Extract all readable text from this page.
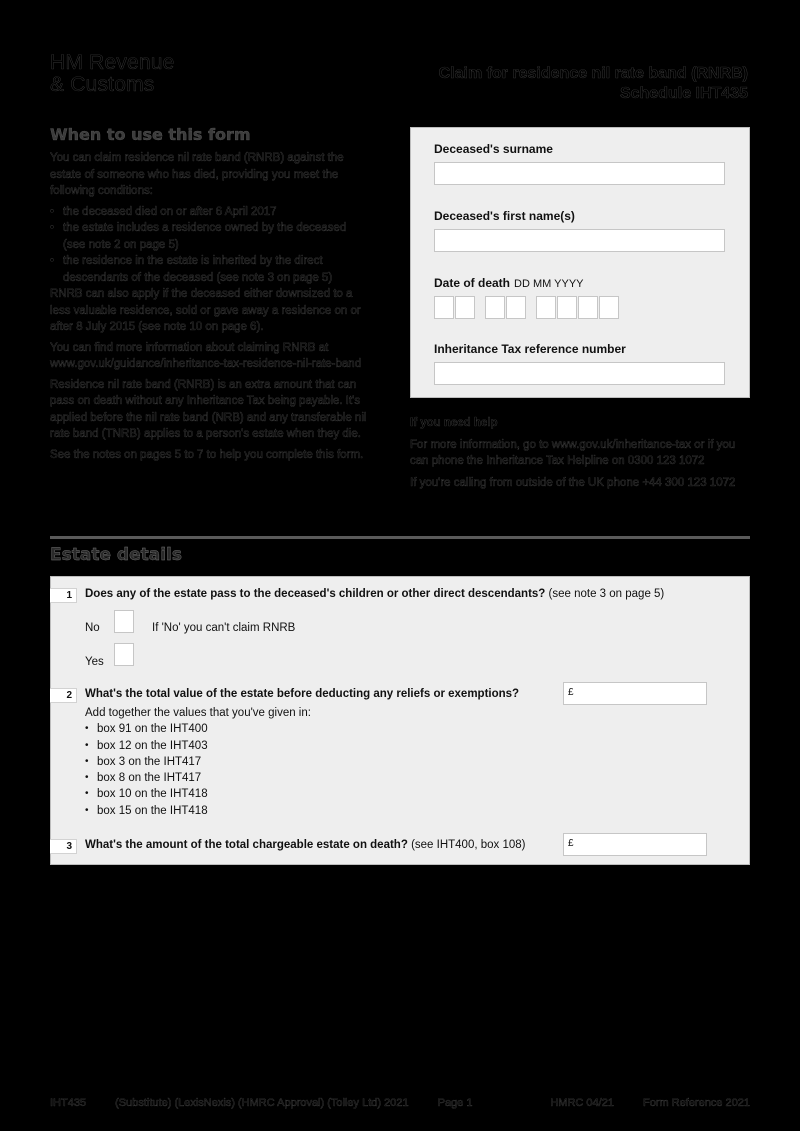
HM Revenue
& Customs	Claim for residence nil rate band (RNRB)
Schedule IHT435
When to use this form

You can claim residence nil rate band (RNRB) against the estate of someone who has died, providing you meet the following conditions:

• the deceased died on or after 6 April 2017
• the estate includes a residence owned by the deceased (see note 2 on page 5)
• the residence in the estate is inherited by the direct descendants of the deceased (see note 3 on page 5)

RNRB can also apply if the deceased either downsized to a less valuable residence, sold or gave away a residence on or after 8 July 2015 (see note 10 on page 6).

You can find more information about claiming RNRB at www.gov.uk/guidance/inheritance-tax-residence-nil-rate-band

Residence nil rate band (RNRB) is an extra amount that can pass on death without any Inheritance Tax being payable. It's applied before the nil rate band (NRB) and any transferable nil rate band (TNRB) applies to a person's estate when they die.

See the notes on pages 5 to 7 to help you complete this form.

Deceased's surname
Deceased's first name(s)
Date of death DD MM YYYY
Inheritance Tax reference number

If you need help

For more information, go to www.gov.uk/inheritance-tax or if you can phone the Inheritance Tax Helpline on 0300 123 1072

If you're calling from outside of the UK phone +44 300 123 1072

Estate details
1	Does any of the estate pass to the deceased's children or other direct descendants? (see note 3 on page 5)
No	If 'No' you can't claim RNRB
Yes
2	What's the total value of the estate before deducting any reliefs or exemptions?
Add together the values that you've given in:
• box 91 on the IHT400
• box 12 on the IHT403
• box 3 on the IHT417
• box 8 on the IHT417
• box 10 on the IHT418
• box 15 on the IHT418
£
3	What's the amount of the total chargeable estate on death? (see IHT400, box 108)	£
IHT435	(Substitute) (LexisNexis) (HMRC Approval) (Tolley Ltd) 2021	Page 1	HMRC 04/21	Form Reference 2021
